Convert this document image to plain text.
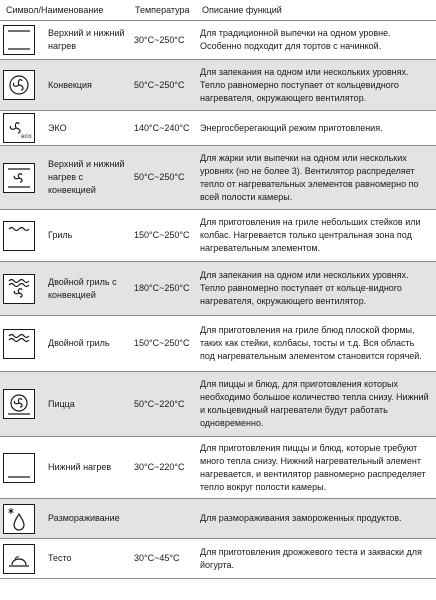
Символ/Наименование		Температура	Описание функций

	Верхний и нижний нагрев	30°C~250°C	Для традиционной выпечки на одном уровне. Особенно подходит для тортов с начинкой.

	Конвекция	50°C~250°C	Для запекания на одном или нескольких уровнях. Тепло равномерно поступает от кольцевидного нагревателя, окружающего вентилятор.

eco	ЭКО	140°C~240°C	Энергосберегающий режим приготовления.

	Верхний и нижний нагрев с конвекцией	50°C~250°C	Для жарки или выпечки на одном или нескольких уровнях (но не более 3). Вентилятор распределяет тепло от нагревательных элементов равномерно по всей полости камеры.

	Гриль	150°C~250°C	Для приготовления на гриле небольших стейков или колбас. Нагревается только центральная зона под нагревательным элементом.

	Двойной гриль с конвекцией	180°C~250°C	Для запекания на одном или нескольких уровнях. Тепло равномерно поступает от кольце-видного нагревателя, окружающего вентилятор.

	Двойной гриль	150°C~250°C	Для приготовления на гриле блюд плоской формы, таких как стейки, колбасы, тосты и т.д. Вся область под нагревательным элементом становится горячей.

	Пицца	50°C~220°C	Для пиццы и блюд, для приготовления которых необходимо большое количество тепла снизу. Нижний и кольцевидный нагреватели будут работать одновременно.

	Нижний нагрев	30°C~220°C	Для приготовления пиццы и блюд, которые требуют много тепла снизу. Нижний нагревательный элемент нагревается, и вентилятор равномерно распределяет тепло вокруг полости камеры.

	Размораживание		Для размораживания замороженных продуктов.

	Тесто	30°C~45°C	Для приготовления дрожжевого теста и закваски для йогурта.
